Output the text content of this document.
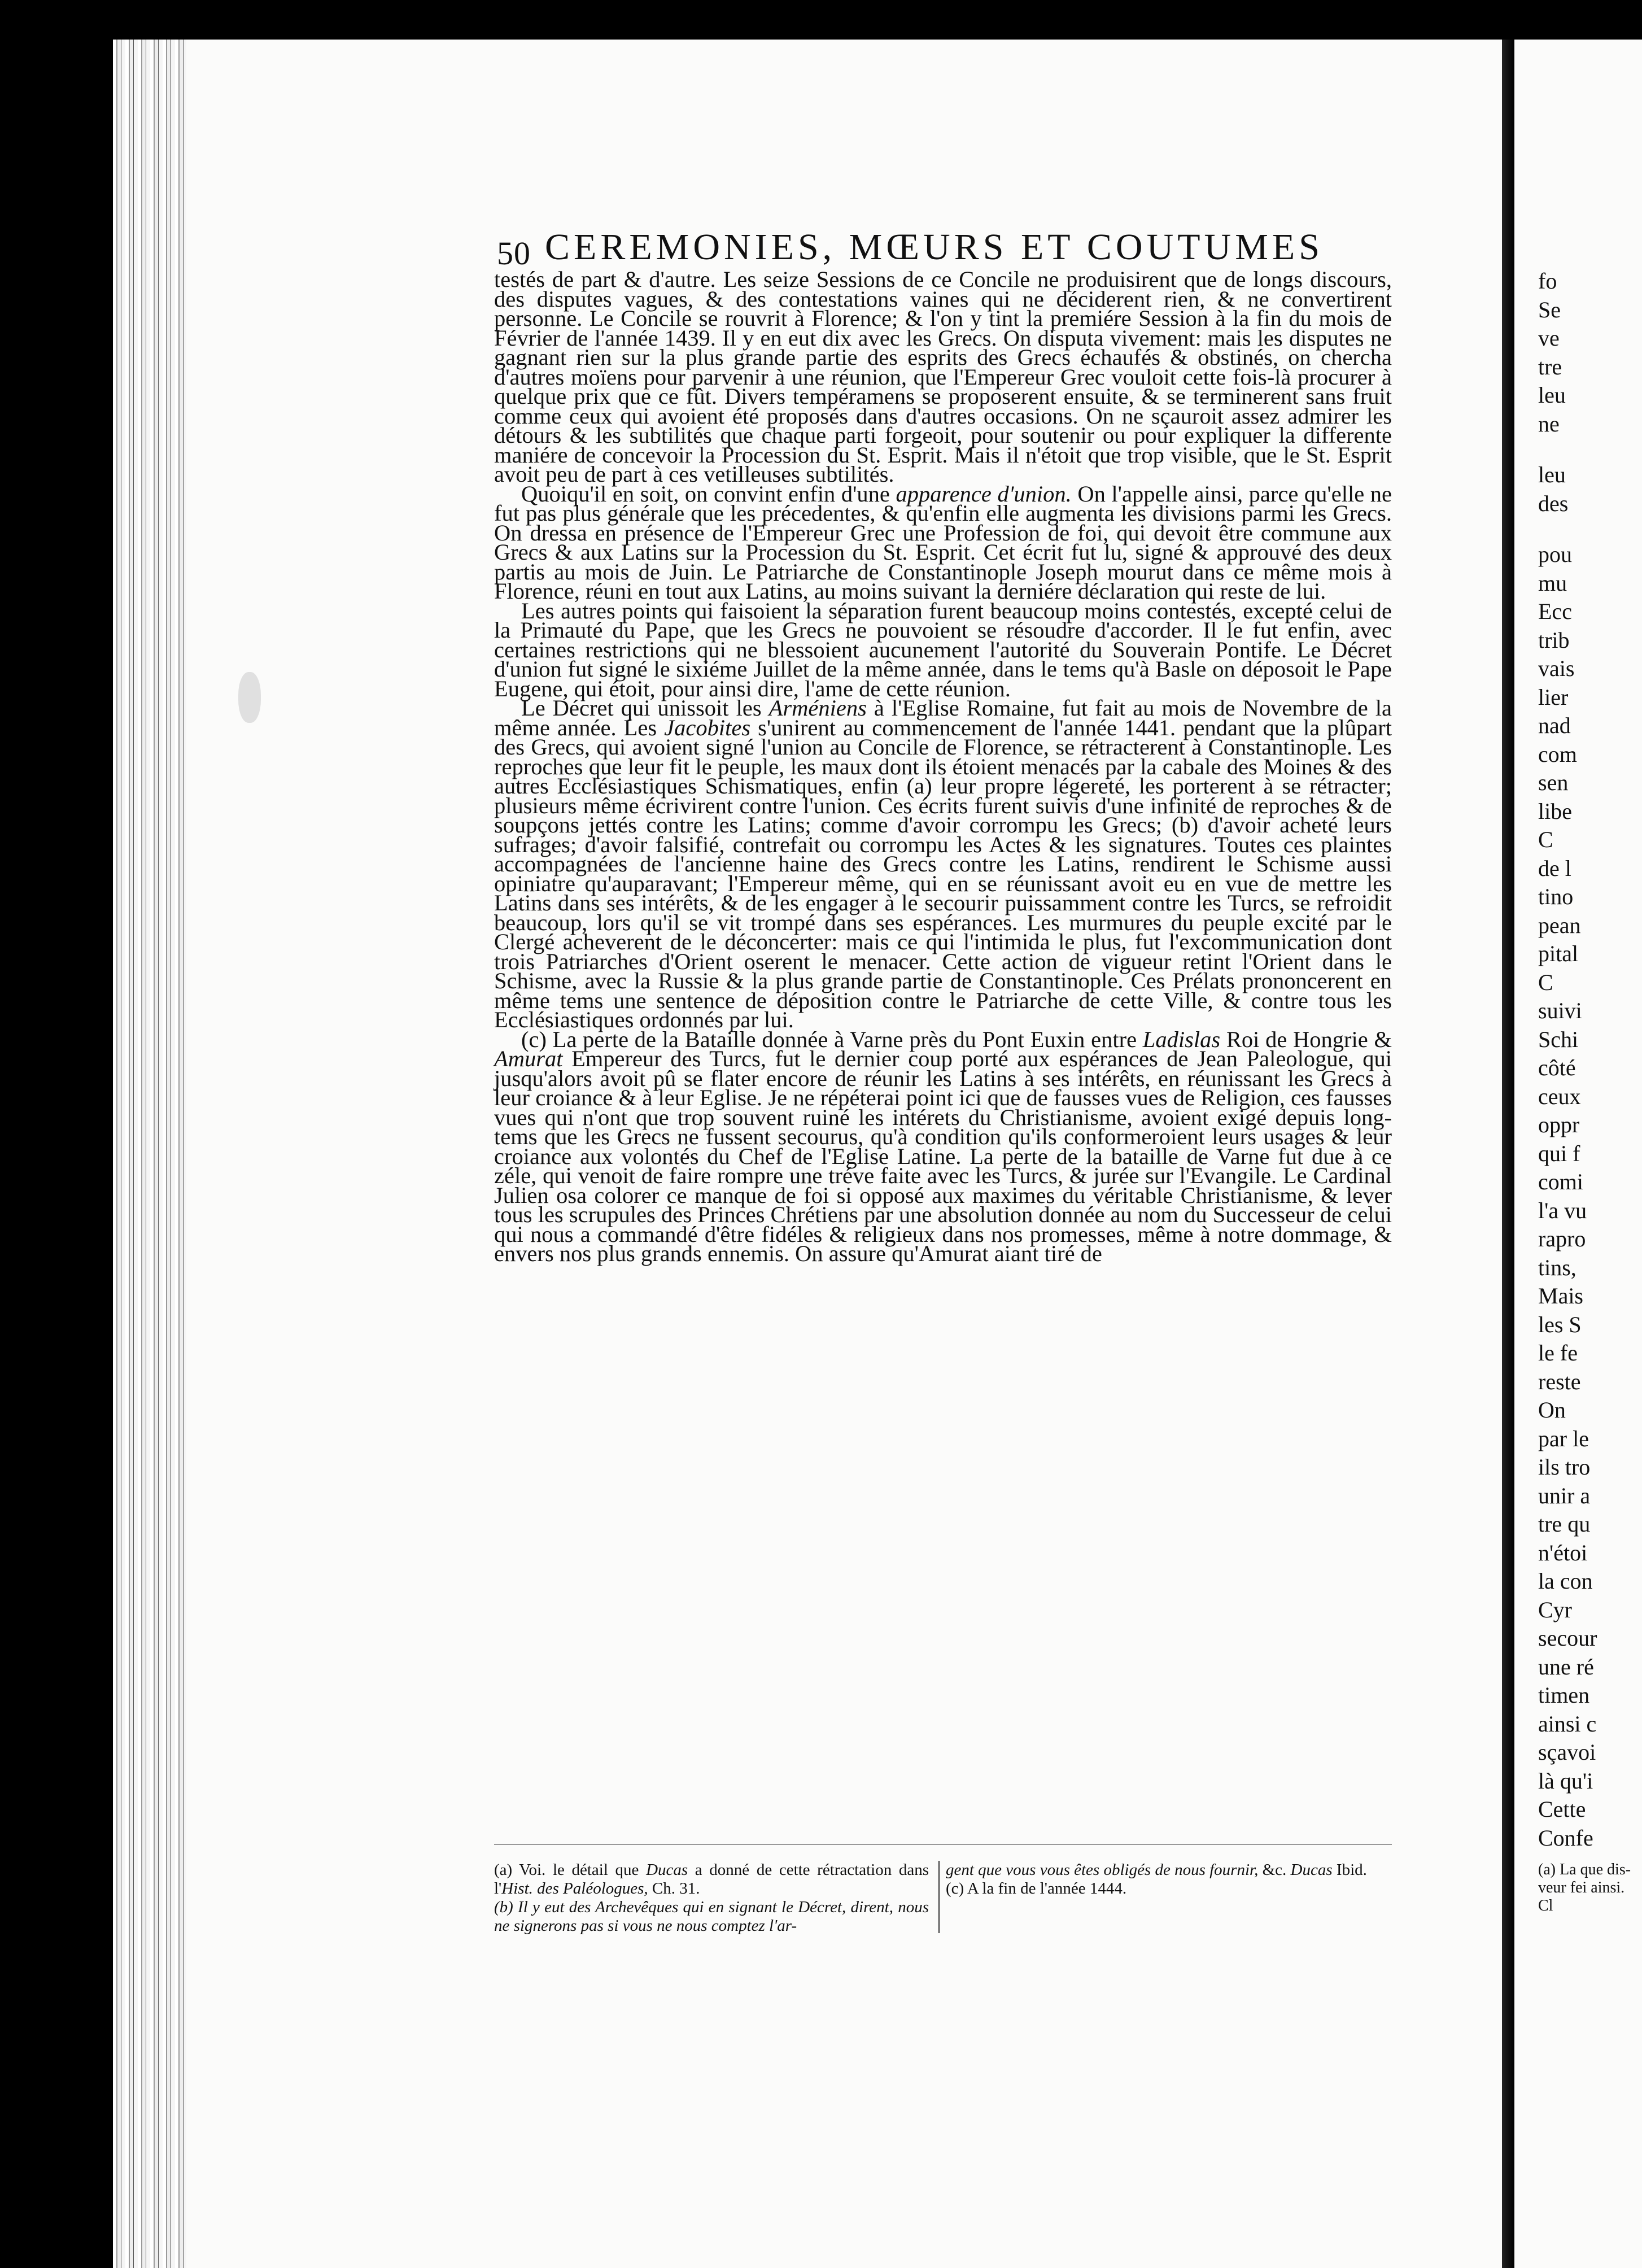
50 CEREMONIES, MŒURS ET COUTUMES

testés de part & d'autre. Les seize Sessions de ce Concile ne produisirent que de longs discours, des disputes vagues, & des contestations vaines qui ne déciderent rien, & ne convertirent personne. Le Concile se rouvrit à Florence; & l'on y tint la premiére Session à la fin du mois de Février de l'année 1439. Il y en eut dix avec les Grecs. On disputa vivement: mais les disputes ne gagnant rien sur la plus grande partie des esprits des Grecs échaufés & obstinés, on chercha d'autres moïens pour parvenir à une réunion, que l'Empereur Grec vouloit cette fois-là procurer à quelque prix que ce fût. Divers tempéramens se proposerent ensuite, & se terminerent sans fruit comme ceux qui avoient été proposés dans d'autres occasions. On ne sçauroit assez admirer les détours & les subtilités que chaque parti forgeoit, pour soutenir ou pour expliquer la differente maniére de concevoir la Procession du St. Esprit. Mais il n'étoit que trop visible, que le St. Esprit avoit peu de part à ces vetilleuses subtilités.

Quoiqu'il en soit, on convint enfin d'une apparence d'union. On l'appelle ainsi, parce qu'elle ne fut pas plus générale que les précedentes, & qu'enfin elle augmenta les divisions parmi les Grecs. On dressa en présence de l'Empereur Grec une Profession de foi, qui devoit être commune aux Grecs & aux Latins sur la Procession du St. Esprit. Cet écrit fut lu, signé & approuvé des deux partis au mois de Juin. Le Patriarche de Constantinople Joseph mourut dans ce même mois à Florence, réuni en tout aux Latins, au moins suivant la derniére déclaration qui reste de lui.

Les autres points qui faisoient la séparation furent beaucoup moins contestés, excepté celui de la Primauté du Pape, que les Grecs ne pouvoient se résoudre d'accorder. Il le fut enfin, avec certaines restrictions qui ne blessoient aucunement l'autorité du Souverain Pontife. Le Décret d'union fut signé le sixiéme Juillet de la même année, dans le tems qu'à Basle on déposoit le Pape Eugene, qui étoit, pour ainsi dire, l'ame de cette réunion.

Le Décret qui unissoit les Arméniens à l'Eglise Romaine, fut fait au mois de Novembre de la même année. Les Jacobites s'unirent au commencement de l'année 1441. pendant que la plûpart des Grecs, qui avoient signé l'union au Concile de Florence, se rétracterent à Constantinople. Les reproches que leur fit le peuple, les maux dont ils étoient menacés par la cabale des Moines & des autres Ecclésiastiques Schismatiques, enfin (a) leur propre légereté, les porterent à se rétracter; plusieurs même écrivirent contre l'union. Ces écrits furent suivis d'une infinité de reproches & de soupçons jettés contre les Latins; comme d'avoir corrompu les Grecs; (b) d'avoir acheté leurs sufrages; d'avoir falsifié, contrefait ou corrompu les Actes & les signatures. Toutes ces plaintes accompagnées de l'ancienne haine des Grecs contre les Latins, rendirent le Schisme aussi opiniatre qu'auparavant; l'Empereur même, qui en se réunissant avoit eu en vue de mettre les Latins dans ses intérêts, & de les engager à le secourir puissamment contre les Turcs, se refroidit beaucoup, lors qu'il se vit trompé dans ses espérances. Les murmures du peuple excité par le Clergé acheverent de le déconcerter: mais ce qui l'intimida le plus, fut l'excommunication dont trois Patriarches d'Orient oserent le menacer. Cette action de vigueur retint l'Orient dans le Schisme, avec la Russie & la plus grande partie de Constantinople. Ces Prélats prononcerent en même tems une sentence de déposition contre le Patriarche de cette Ville, & contre tous les Ecclésiastiques ordonnés par lui.

(c) La perte de la Bataille donnée à Varne près du Pont Euxin entre Ladislas Roi de Hongrie & Amurat Empereur des Turcs, fut le dernier coup porté aux espérances de Jean Paleologue, qui jusqu'alors avoit pû se flater encore de réunir les Latins à ses intérêts, en réunissant les Grecs à leur croiance & à leur Eglise. Je ne répéterai point ici que de fausses vues de Religion, ces fausses vues qui n'ont que trop souvent ruiné les intérets du Christianisme, avoient exigé depuis long-tems que les Grecs ne fussent secourus, qu'à condition qu'ils conformeroient leurs usages & leur croiance aux volontés du Chef de l'Eglise Latine. La perte de la bataille de Varne fut due à ce zéle, qui venoit de faire rompre une tréve faite avec les Turcs, & jurée sur l'Evangile. Le Cardinal Julien osa colorer ce manque de foi si opposé aux maximes du véritable Christianisme, & lever tous les scrupules des Princes Chrétiens par une absolution donnée au nom du Successeur de celui qui nous a commandé d'être fidéles & religieux dans nos promesses, même à notre dommage, & envers nos plus grands ennemis. On assure qu'Amurat aiant tiré de

(a) Voi. le détail que Ducas a donné de cette rétractation dans l'Hist. des Paléologues, Ch. 31.

(b) Il y eut des Archevêques qui en signant le Décret, dirent, nous ne signerons pas si vous ne nous comptez l'ar-

gent que vous vous êtes obligés de nous fournir, &c. Ducas Ibid.

(c) A la fin de l'année 1444.

fo
Se
ve
tre
leu
ne
leu
des
pou
mu
Ecc
trib
vais
lier
nad
com
sen
libe
C
de l
tino
pean
pital
C
suivi
Schi
côté
ceux
oppr
qui f
comi
l'a vu
rapro
tins,
Mais
les S
le fe
reste
On
par le
ils tro
unir a
tre qu
n'étoi
la con
Cyr
secour
une ré
timen
ainsi c
sçavoi
là qu'i
Cette
Confe
(a) La que dis- veur fei ainsi. Cl
